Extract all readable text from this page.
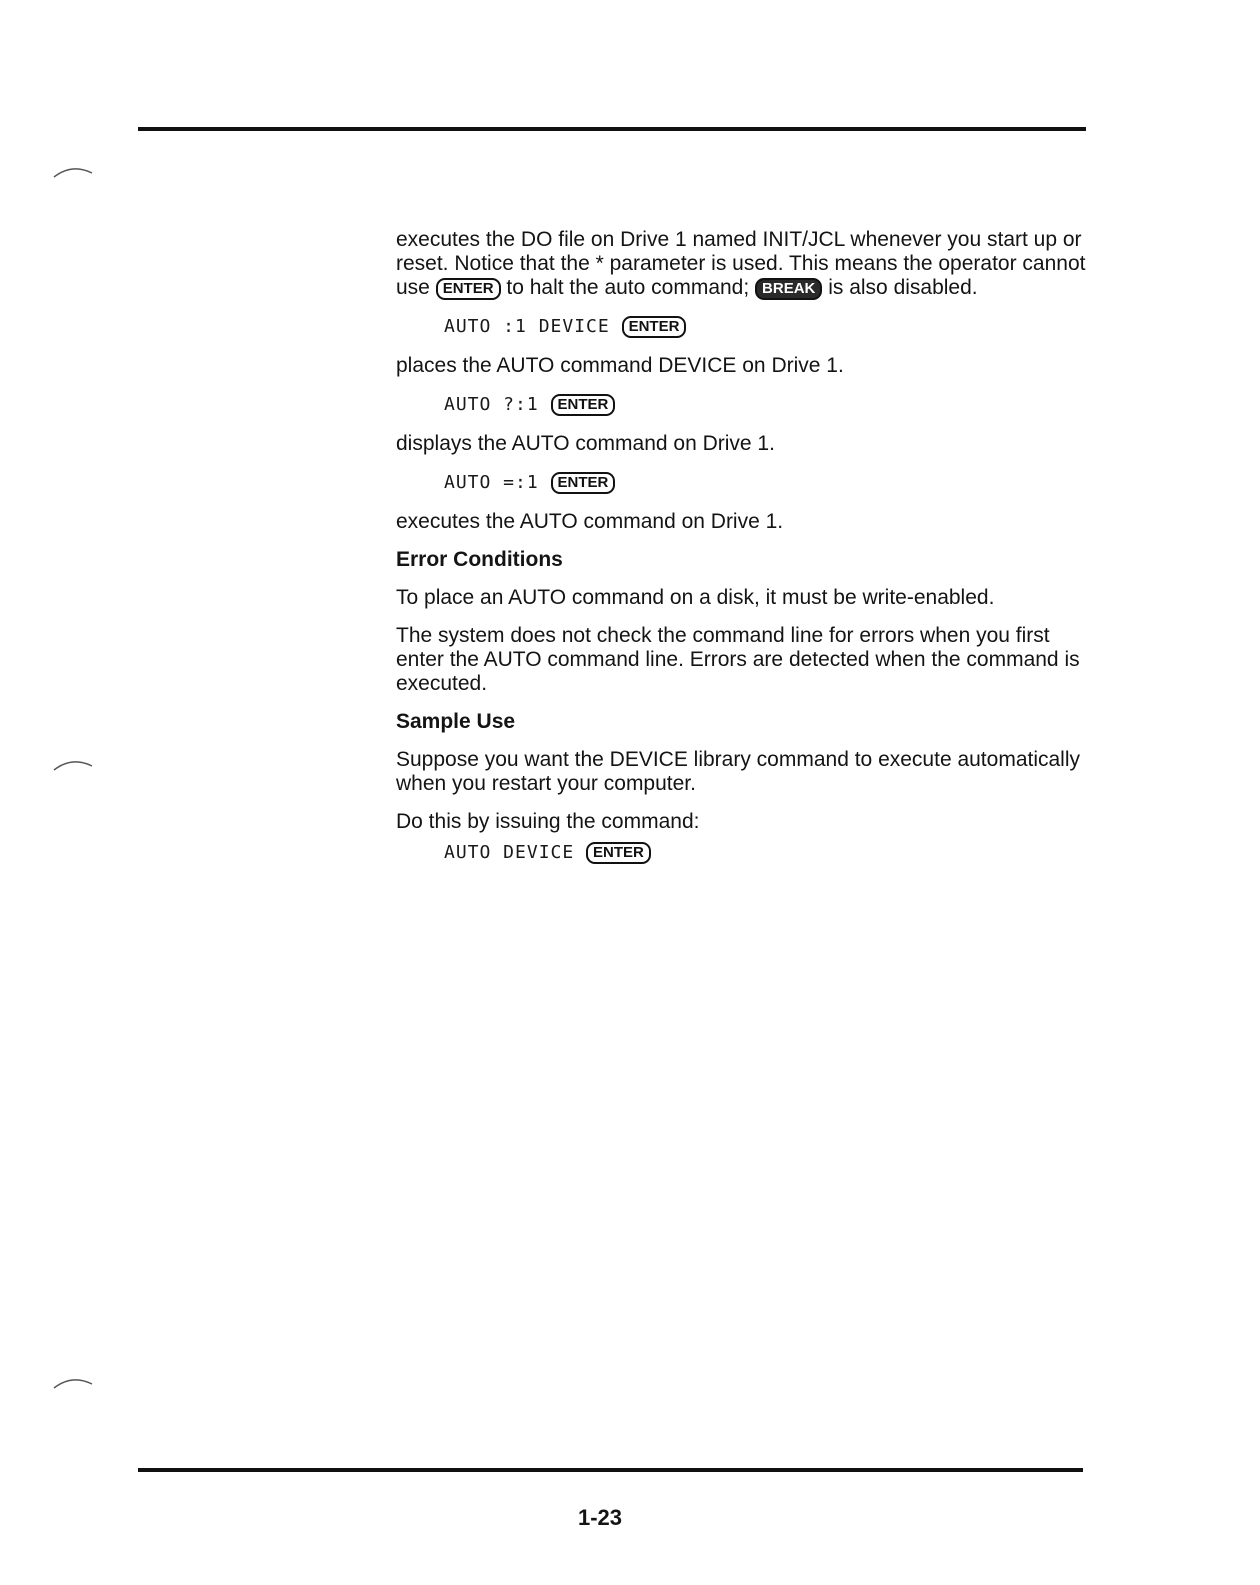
executes the DO file on Drive 1 named INIT/JCL whenever you start up or reset. Notice that the * parameter is used. This means the operator cannot use ENTER to halt the auto command; BREAK is also disabled.

AUTO :1 DEVICE ENTER

places the AUTO command DEVICE on Drive 1.

AUTO ?:1 ENTER

displays the AUTO command on Drive 1.

AUTO =:1 ENTER

executes the AUTO command on Drive 1.

Error Conditions

To place an AUTO command on a disk, it must be write-enabled.

The system does not check the command line for errors when you first enter the AUTO command line. Errors are detected when the command is executed.

Sample Use

Suppose you want the DEVICE library command to execute automatically when you restart your computer.

Do this by issuing the command:

AUTO DEVICE ENTER
1-23
